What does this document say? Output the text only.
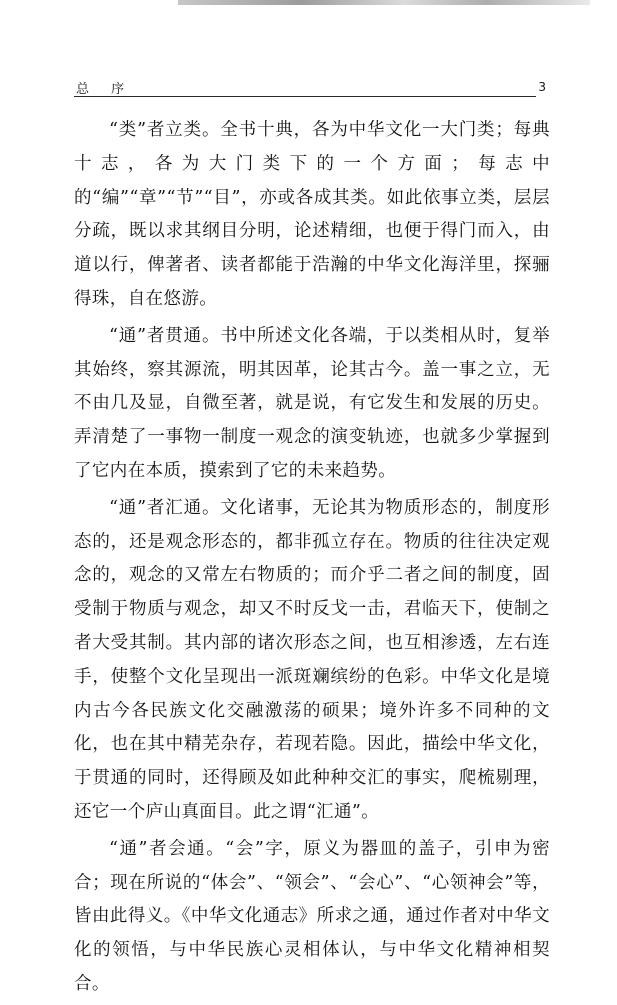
总 序	3

“类”者立类。全书十典，各为中华文化一大门类；每典十志，各为大门类下的一个方面；每志中的“编”“章”“节”“目”，亦或各成其类。如此依事立类，层层分疏，既以求其纲目分明，论述精细，也便于得门而入，由道以行，俾著者、读者都能于浩瀚的中华文化海洋里，探骊得珠，自在悠游。

“通”者贯通。书中所述文化各端，于以类相从时，复举其始终，察其源流，明其因革，论其古今。盖一事之立，无不由几及显，自微至著，就是说，有它发生和发展的历史。弄清楚了一事物一制度一观念的演变轨迹，也就多少掌握到了它内在本质，摸索到了它的未来趋势。

“通”者汇通。文化诸事，无论其为物质形态的，制度形态的，还是观念形态的，都非孤立存在。物质的往往决定观念的，观念的又常左右物质的；而介乎二者之间的制度，固受制于物质与观念，却又不时反戈一击，君临天下，使制之者大受其制。其内部的诸次形态之间，也互相渗透，左右连手，使整个文化呈现出一派斑斓缤纷的色彩。中华文化是境内古今各民族文化交融激荡的硕果；境外许多不同种的文化，也在其中精芜杂存，若现若隐。因此，描绘中华文化，于贯通的同时，还得顾及如此种种交汇的事实，爬梳剔理，还它一个庐山真面目。此之谓“汇通”。

“通”者会通。“会”字，原义为器皿的盖子，引申为密合；现在所说的“体会”、“领会”、“会心”、“心领神会”等，皆由此得义。《中华文化通志》所求之通，通过作者对中华文化的领悟，与中华民族心灵相体认，与中华文化精神相契合。
